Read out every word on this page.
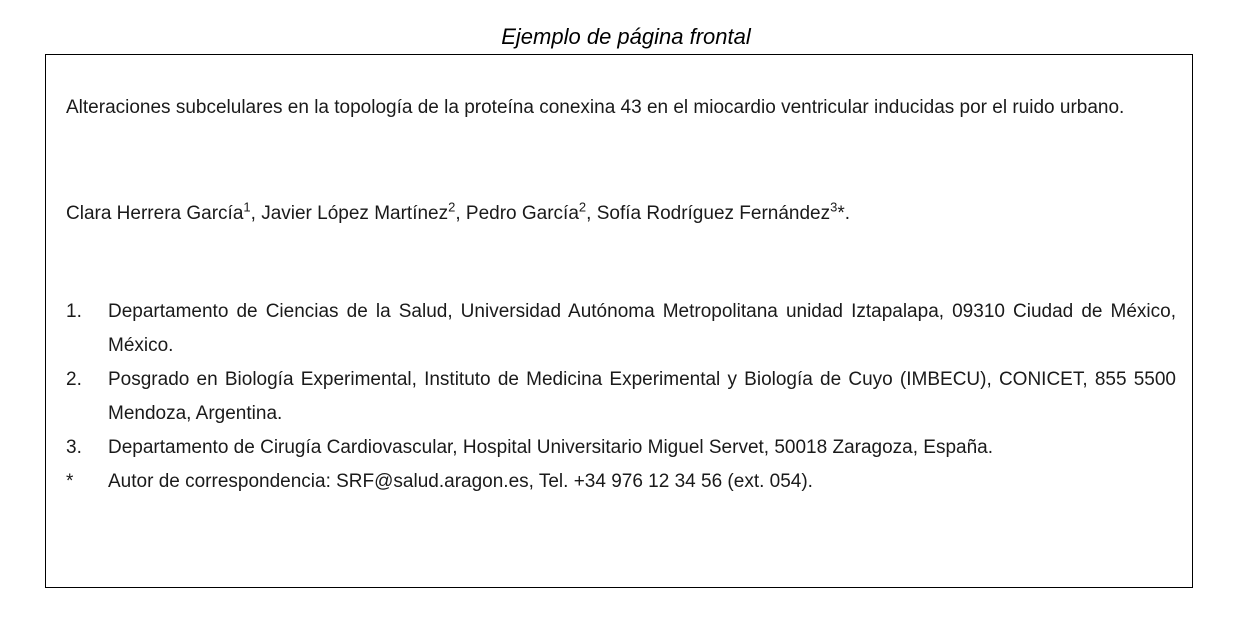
Ejemplo de página frontal

Alteraciones subcelulares en la topología de la proteína conexina 43 en el miocardio ventricular inducidas por el ruido urbano.

Clara Herrera García$^1$, Javier López Martínez$^2$, Pedro García$^2$, Sofía Rodríguez Fernández$^3$*.

1.	Departamento de Ciencias de la Salud, Universidad Autónoma Metropolitana unidad Iztapalapa, 09310 Ciudad de México, México.
2.	Posgrado en Biología Experimental, Instituto de Medicina Experimental y Biología de Cuyo (IMBECU), CONICET, 855 5500 Mendoza, Argentina.
3.	Departamento de Cirugía Cardiovascular, Hospital Universitario Miguel Servet, 50018 Zaragoza, España.
*	Autor de correspondencia: SRF@salud.aragon.es, Tel. +34 976 12 34 56 (ext. 054).
